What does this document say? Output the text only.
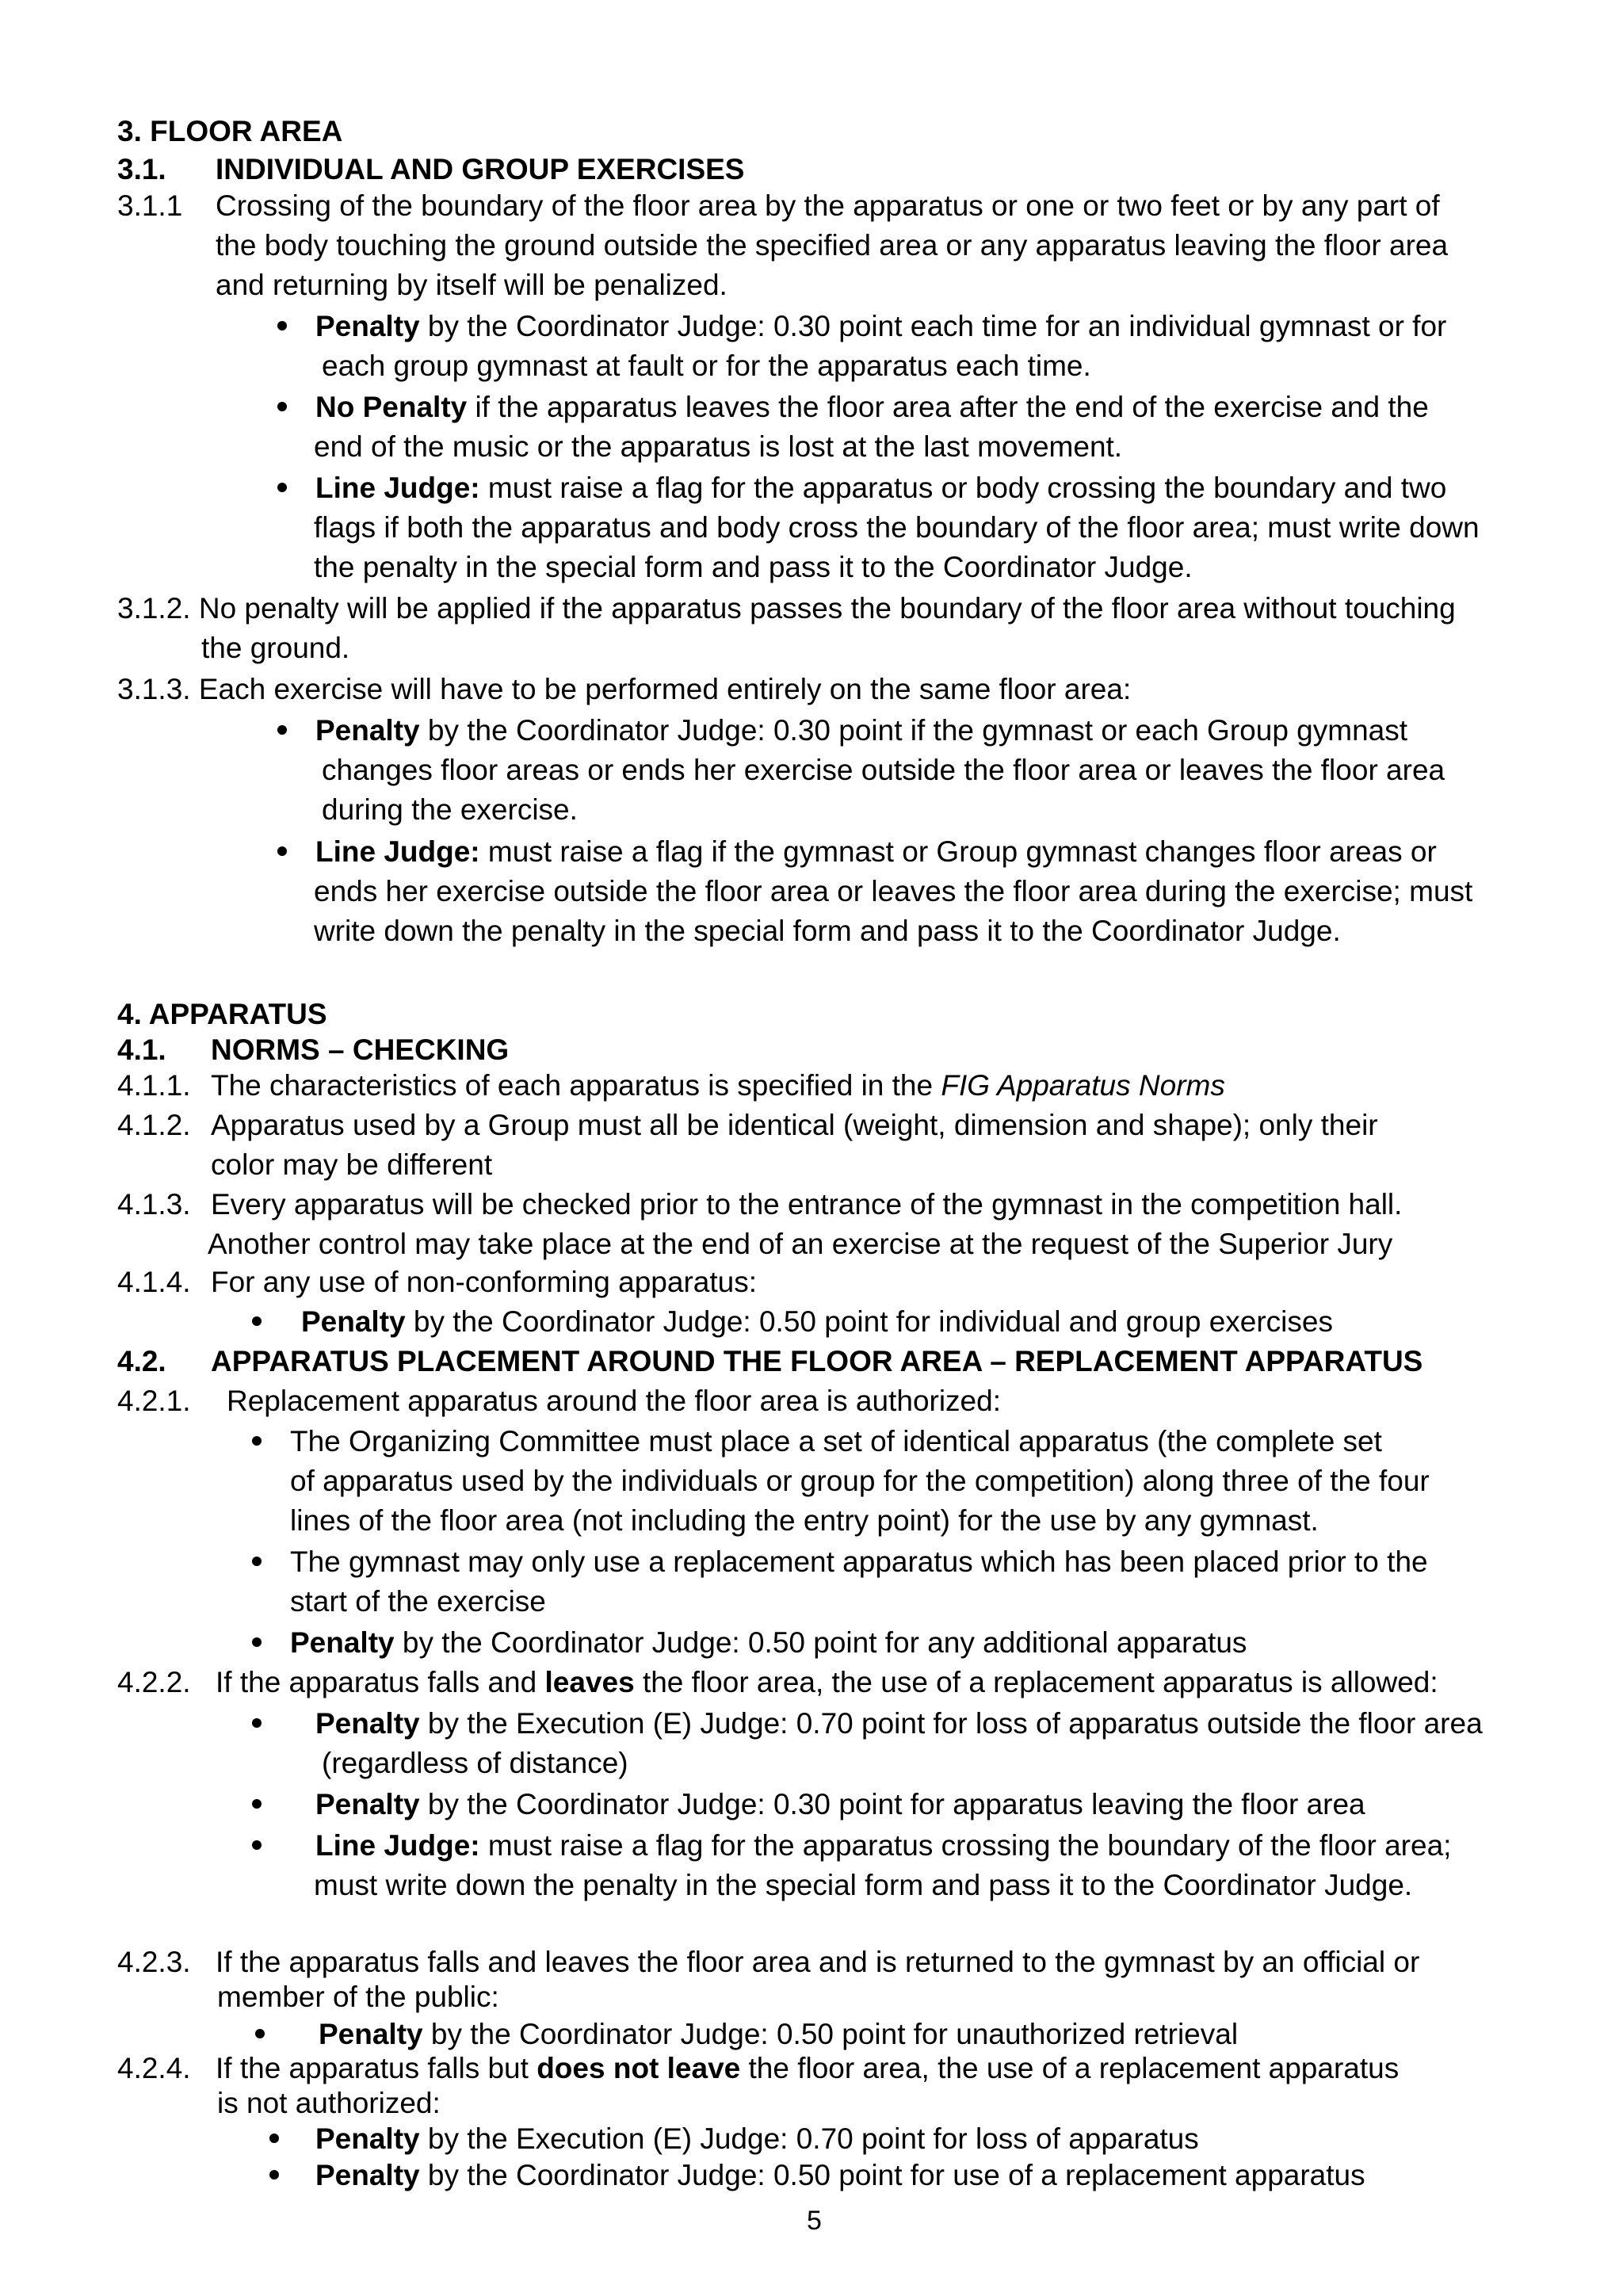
3. FLOOR AREA
3.1. INDIVIDUAL AND GROUP EXERCISES
3.1.1 Crossing of the boundary of the floor area by the apparatus or one or two feet or by any part of
the body touching the ground outside the specified area or any apparatus leaving the floor area
and returning by itself will be penalized.
Penalty by the Coordinator Judge: 0.30 point each time for an individual gymnast or for
each group gymnast at fault or for the apparatus each time.
No Penalty if the apparatus leaves the floor area after the end of the exercise and the
end of the music or the apparatus is lost at the last movement.
Line Judge: must raise a flag for the apparatus or body crossing the boundary and two
flags if both the apparatus and body cross the boundary of the floor area; must write down
the penalty in the special form and pass it to the Coordinator Judge.
3.1.2. No penalty will be applied if the apparatus passes the boundary of the floor area without touching
the ground.
3.1.3. Each exercise will have to be performed entirely on the same floor area:
Penalty by the Coordinator Judge: 0.30 point if the gymnast or each Group gymnast
changes floor areas or ends her exercise outside the floor area or leaves the floor area
during the exercise.
Line Judge: must raise a flag if the gymnast or Group gymnast changes floor areas or
ends her exercise outside the floor area or leaves the floor area during the exercise; must
write down the penalty in the special form and pass it to the Coordinator Judge.
4. APPARATUS
4.1. NORMS – CHECKING
4.1.1. The characteristics of each apparatus is specified in the FIG Apparatus Norms
4.1.2. Apparatus used by a Group must all be identical (weight, dimension and shape); only their
color may be different
4.1.3. Every apparatus will be checked prior to the entrance of the gymnast in the competition hall.
Another control may take place at the end of an exercise at the request of the Superior Jury
4.1.4. For any use of non-conforming apparatus:
Penalty by the Coordinator Judge: 0.50 point for individual and group exercises
4.2. APPARATUS PLACEMENT AROUND THE FLOOR AREA – REPLACEMENT APPARATUS
4.2.1. Replacement apparatus around the floor area is authorized:
The Organizing Committee must place a set of identical apparatus (the complete set
of apparatus used by the individuals or group for the competition) along three of the four
lines of the floor area (not including the entry point) for the use by any gymnast.
The gymnast may only use a replacement apparatus which has been placed prior to the
start of the exercise
Penalty by the Coordinator Judge: 0.50 point for any additional apparatus
4.2.2. If the apparatus falls and leaves the floor area, the use of a replacement apparatus is allowed:
Penalty by the Execution (E) Judge: 0.70 point for loss of apparatus outside the floor area
(regardless of distance)
Penalty by the Coordinator Judge: 0.30 point for apparatus leaving the floor area
Line Judge: must raise a flag for the apparatus crossing the boundary of the floor area;
must write down the penalty in the special form and pass it to the Coordinator Judge.
4.2.3. If the apparatus falls and leaves the floor area and is returned to the gymnast by an official or
member of the public:
Penalty by the Coordinator Judge: 0.50 point for unauthorized retrieval
4.2.4. If the apparatus falls but does not leave the floor area, the use of a replacement apparatus
is not authorized:
Penalty by the Execution (E) Judge: 0.70 point for loss of apparatus
Penalty by the Coordinator Judge: 0.50 point for use of a replacement apparatus
5
